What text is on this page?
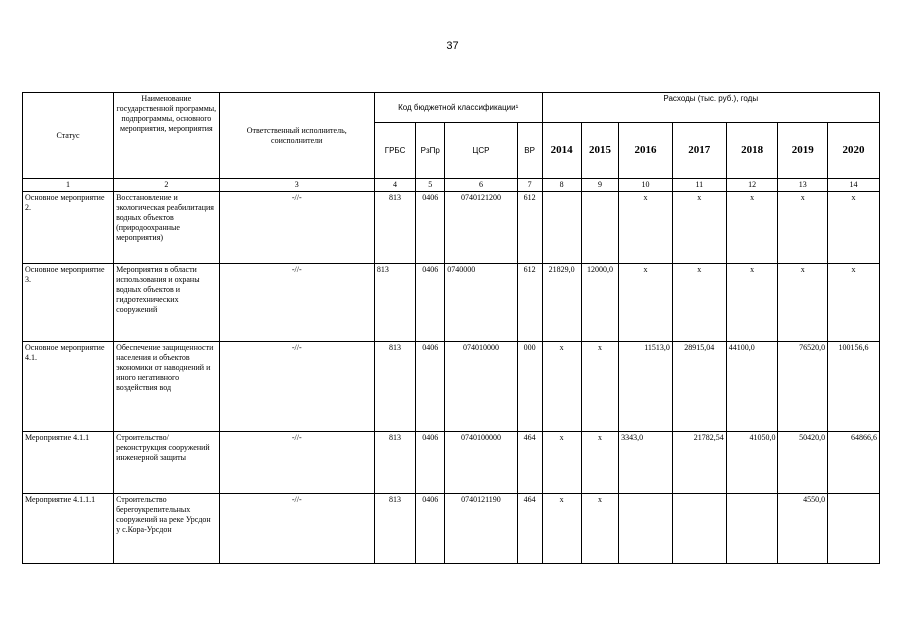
37
Статус	Наименование государственной программы, подпрограммы, основного мероприятия, мероприятия	Ответственный исполнитель, соисполнители	Код бюджетной классификации¹				Расходы (тыс. руб.), годы						
			ГРБС	РзПр	ЦСР	ВР	2014	2015	2016	2017	2018	2019	2020
1	2	3	4	5	6	7	8	9	10	11	12	13	14
Основное мероприятие 2.	Восстановление и экологическая реабилитация водных объектов (природоохранные мероприятия)	-//-	813	0406	0740121200	612			x	x	x	x	x
Основное мероприятие 3.	Мероприятия в области использования и охраны водных объектов и гидротехнических сооружений	-//-	813	0406	0740000	612	21829,0	12000,0	x	x	x	x	x
Основное мероприятие 4.1.	Обеспечение защищенности населения и объектов экономики от наводнений и иного негативного воздействия вод	-//-	813	0406	074010000	000	x	x	11513,0	28915,04	44100,0	76520,0	100156,6
Мероприятие 4.1.1	Строительство/реконструкция сооружений инженерной защиты	-//-	813	0406	0740100000	464	x	x	3343,0	21782,54	41050,0	50420,0	64866,6
Мероприятие 4.1.1.1	Строительство берегоукрепительных сооружений на реке Урсдон у с.Кора-Урсдон	-//-	813	0406	0740121190	464	x	x				4550,0	
